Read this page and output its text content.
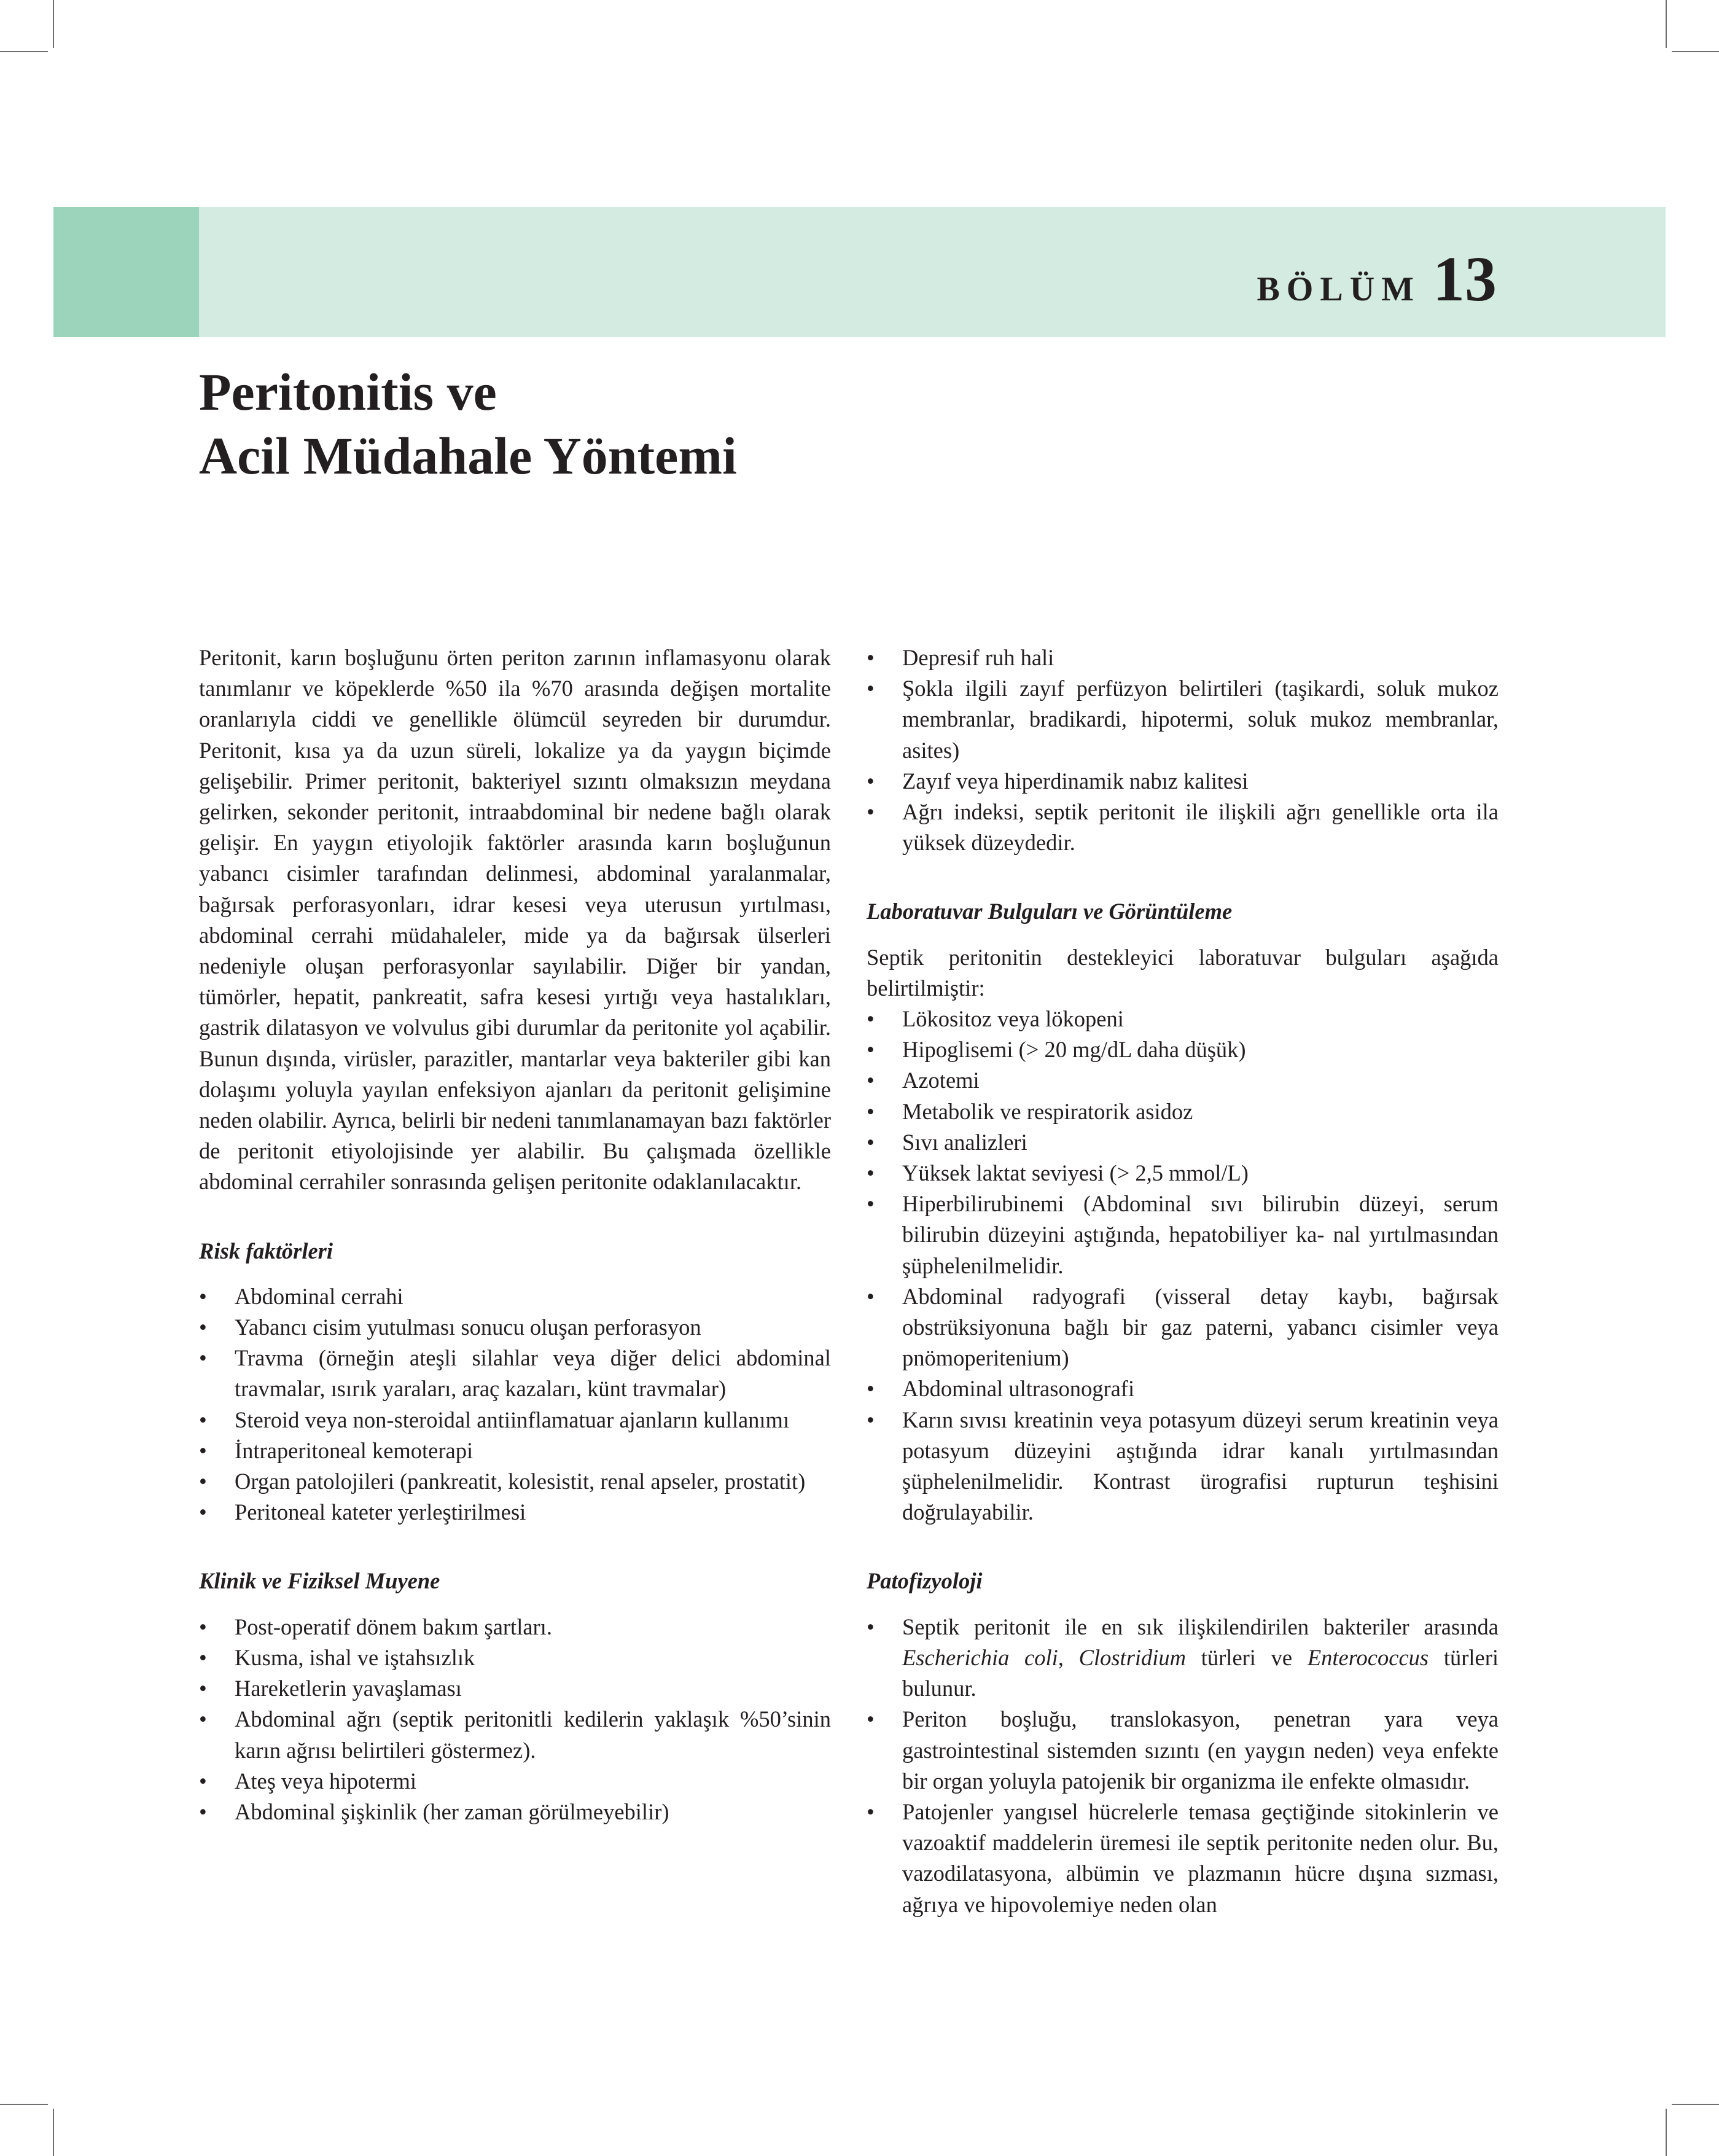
BÖLÜM 13
Peritonitis ve
Acil Müdahale Yöntemi

Peritonit, karın boşluğunu örten periton zarının inflamasyonu olarak tanımlanır ve köpeklerde %50 ila %70 arasında değişen mortalite oranlarıyla ciddi ve genellikle ölümcül seyreden bir durumdur. Peritonit, kısa ya da uzun süreli, lokalize ya da yaygın biçimde gelişebilir. Primer peritonit, bakteriyel sızıntı olmaksızın meydana gelirken, sekonder peritonit, intraabdominal bir nedene bağlı olarak gelişir. En yaygın etiyolojik faktörler arasında karın boşluğunun yabancı cisimler tarafından delinmesi, abdominal yaralanmalar, bağırsak perforasyonları, idrar kesesi veya uterusun yırtılması, abdominal cerrahi müdahaleler, mide ya da bağırsak ülserleri nedeniyle oluşan perforasyonlar sayılabilir. Diğer bir yandan, tümörler, hepatit, pankreatit, safra kesesi yırtığı veya hastalıkları, gastrik dilatasyon ve volvulus gibi durumlar da peritonite yol açabilir. Bunun dışında, virüsler, parazitler, mantarlar veya bakteriler gibi kan dolaşımı yoluyla yayılan enfeksiyon ajanları da peritonit gelişimine neden olabilir. Ayrıca, belirli bir nedeni tanımlanamayan bazı faktörler de peritonit etiyolojisinde yer alabilir. Bu çalışmada özellikle abdominal cerrahiler sonrasında gelişen peritonite odaklanılacaktır.

Risk faktörleri
• Abdominal cerrahi
• Yabancı cisim yutulması sonucu oluşan perforasyon
• Travma (örneğin ateşli silahlar veya diğer delici abdominal travmalar, ısırık yaraları, araç kazaları, künt travmalar)
• Steroid veya non-steroidal antiinflamatuar ajanların kullanımı
• İntraperitoneal kemoterapi
• Organ patolojileri (pankreatit, kolesistit, renal apseler, prostatit)
• Peritoneal kateter yerleştirilmesi
Klinik ve Fiziksel Muyene
• Post-operatif dönem bakım şartları.
• Kusma, ishal ve iştahsızlık
• Hareketlerin yavaşlaması
• Abdominal ağrı (septik peritonitli kedilerin yaklaşık %50’sinin karın ağrısı belirtileri göstermez).
• Ateş veya hipotermi
• Abdominal şişkinlik (her zaman görülmeyebilir)
• Depresif ruh hali
• Şokla ilgili zayıf perfüzyon belirtileri (taşikardi, soluk mukoz membranlar, bradikardi, hipotermi, soluk mukoz membranlar, asites)
• Zayıf veya hiperdinamik nabız kalitesi
• Ağrı indeksi, septik peritonit ile ilişkili ağrı genellikle orta ila yüksek düzeydedir.
Laboratuvar Bulguları ve Görüntüleme

Septik peritonitin destekleyici laboratuvar bulguları aşağıda belirtilmiştir:

• Lökositoz veya lökopeni
• Hipoglisemi (> 20 mg/dL daha düşük)
• Azotemi
• Metabolik ve respiratorik asidoz
• Sıvı analizleri
• Yüksek laktat seviyesi (> 2,5 mmol/L)
• Hiperbilirubinemi (Abdominal sıvı bilirubin düzeyi, serum bilirubin düzeyini aştığında, hepatobiliyer ka- nal yırtılmasından şüphelenilmelidir.
• Abdominal radyografi (visseral detay kaybı, bağırsak obstrüksiyonuna bağlı bir gaz paterni, yabancı cisimler veya pnömoperitenium)
• Abdominal ultrasonografi
• Karın sıvısı kreatinin veya potasyum düzeyi serum kreatinin veya potasyum düzeyini aştığında idrar kanalı yırtılmasından şüphelenilmelidir. Kontrast ürografisi rupturun teşhisini doğrulayabilir.
Patofizyoloji
• Septik peritonit ile en sık ilişkilendirilen bakteriler arasında Escherichia coli, Clostridium türleri ve Enterococcus türleri bulunur.
• Periton boşluğu, translokasyon, penetran yara veya gastrointestinal sistemden sızıntı (en yaygın neden) veya enfekte bir organ yoluyla patojenik bir organizma ile enfekte olmasıdır.
• Patojenler yangısel hücrelerle temasa geçtiğinde sitokinlerin ve vazoaktif maddelerin üremesi ile septik peritonite neden olur. Bu, vazodilatasyona, albümin ve plazmanın hücre dışına sızması, ağrıya ve hipovolemiye neden olan
